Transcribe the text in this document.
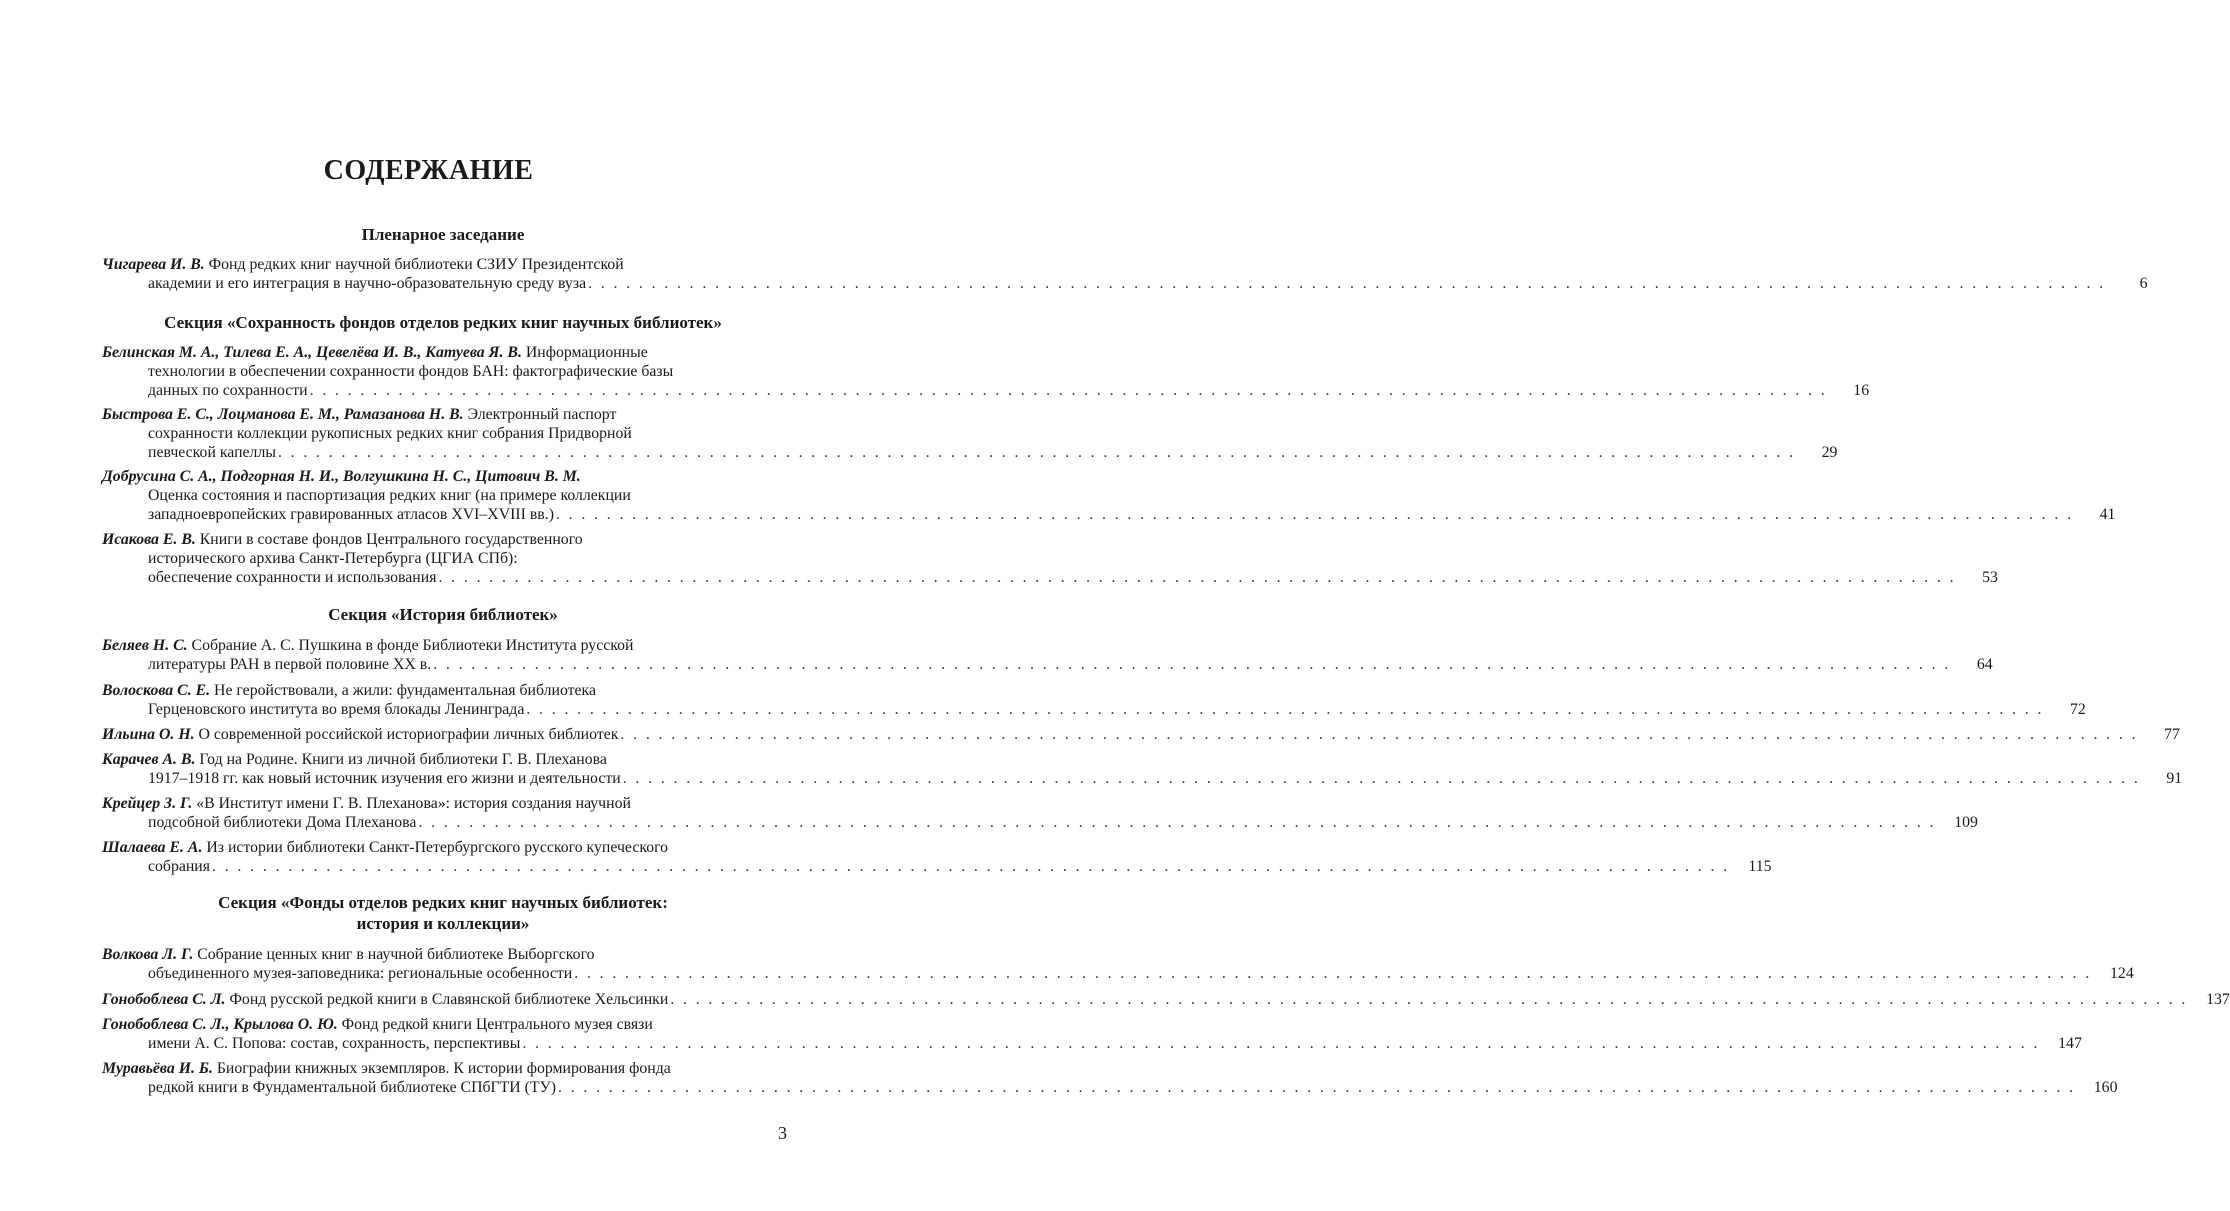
СОДЕРЖАНИЕ
Пленарное заседание
Чигарева И. В.
Фонд редких книг научной библиотеки СЗИУ Президентской
академии и его интеграция в научно-образовательную среду вуза . . . . . . . . . . . . . . . . . . . . . . . . . . . . . . . . . . . . . . . . . . . . . . . . . . . . . . . . . . . . . . . . . . . . . . . . . . . . . . . . . . . . . . . . . . . . . . . . . . . . . . . . . . . . . . . . . . . . . . . .	6
Секция «Сохранность фондов отделов редких книг научных библиотек»
Белинская М. А., Тилева Е. А., Цевелёва И. В., Катуева Я. В.
Информационные
технологии в обеспечении сохранности фондов БАН: фактографические базы
данных по сохранности . . . . . . . . . . . . . . . . . . . . . . . . . . . . . . . . . . . . . . . . . . . . . . . . . . . . . . . . . . . . . . . . . . . . . . . . . . . . . . . . . . . . . . . . . . . . . . . . . . . . . . . . . . . . . . . . . . . . . . . .	16
Быстрова Е. С., Лоцманова Е. М., Рамазанова Н. В.
Электронный паспорт
сохранности коллекции рукописных редких книг собрания Придворной
певческой капеллы . . . . . . . . . . . . . . . . . . . . . . . . . . . . . . . . . . . . . . . . . . . . . . . . . . . . . . . . . . . . . . . . . . . . . . . . . . . . . . . . . . . . . . . . . . . . . . . . . . . . . . . . . . . . . . . . . . . . . . . .	29
Добрусина С. А., Подгорная Н. И., Волгушкина Н. С., Цитович В. М.
Оценка состояния и паспортизация редких книг (на примере коллекции
западноевропейских гравированных атласов XVI–XVIII вв.) . . . . . . . . . . . . . . . . . . . . . . . . . . . . . . . . . . . . . . . . . . . . . . . . . . . . . . . . . . . . . . . . . . . . . . . . . . . . . . . . . . . . . . . . . . . . . . . . . . . . . . . . . . . . . . . . . . . . . . . .	41
Исакова Е. В.
Книги в составе фондов Центрального государственного
исторического архива Санкт-Петербурга (ЦГИА СПб):
обеспечение сохранности и использования . . . . . . . . . . . . . . . . . . . . . . . . . . . . . . . . . . . . . . . . . . . . . . . . . . . . . . . . . . . . . . . . . . . . . . . . . . . . . . . . . . . . . . . . . . . . . . . . . . . . . . . . . . . . . . . . . . . . . . . .	53
Секция «История библиотек»
Беляев Н. С.
Собрание А. С. Пушкина в фонде Библиотеки Института русской
литературы РАН в первой половине XX в. . . . . . . . . . . . . . . . . . . . . . . . . . . . . . . . . . . . . . . . . . . . . . . . . . . . . . . . . . . . . . . . . . . . . . . . . . . . . . . . . . . . . . . . . . . . . . . . . . . . . . . . . . . . . . . . . . . . . . . . .	64
Волоскова С. Е.
Не геройствовали, а жили: фундаментальная библиотека
Герценовского института во время блокады Ленинграда . . . . . . . . . . . . . . . . . . . . . . . . . . . . . . . . . . . . . . . . . . . . . . . . . . . . . . . . . . . . . . . . . . . . . . . . . . . . . . . . . . . . . . . . . . . . . . . . . . . . . . . . . . . . . . . . . . . . . . . .	72
Ильина О. Н.
О современной российской историографии личных библиотек . . . . . . . . . . . . . . . . . . . . . . . . . . . . . . . . . . . . . . . . . . . . . . . . . . . . . . . . . . . . . . . . . . . . . . . . . . . . . . . . . . . . . . . . . . . . . . . . . . . . . . . . . . . . . . . . . . . . . . . .	77
Карачев А. В.
Год на Родине. Книги из личной библиотеки Г. В. Плеханова
1917–1918 гг. как новый источник изучения его жизни и деятельности . . . . . . . . . . . . . . . . . . . . . . . . . . . . . . . . . . . . . . . . . . . . . . . . . . . . . . . . . . . . . . . . . . . . . . . . . . . . . . . . . . . . . . . . . . . . . . . . . . . . . . . . . . . . . . . . . . . . . . . .	91
Крейцер З. Г.
«В Институт имени Г. В. Плеханова»: история создания научной
подсобной библиотеки Дома Плеханова . . . . . . . . . . . . . . . . . . . . . . . . . . . . . . . . . . . . . . . . . . . . . . . . . . . . . . . . . . . . . . . . . . . . . . . . . . . . . . . . . . . . . . . . . . . . . . . . . . . . . . . . . . . . . . . . . . . . . . . .	109
Шалаева Е. А.
Из истории библиотеки Санкт-Петербургского русского купеческого
собрания . . . . . . . . . . . . . . . . . . . . . . . . . . . . . . . . . . . . . . . . . . . . . . . . . . . . . . . . . . . . . . . . . . . . . . . . . . . . . . . . . . . . . . . . . . . . . . . . . . . . . . . . . . . . . . . . . . . . . . . .	115
Секция «Фонды отделов редких книг научных библиотек:
история и коллекции»
Волкова Л. Г.
Собрание ценных книг в научной библиотеке Выборгского
объединенного музея-заповедника: региональные особенности . . . . . . . . . . . . . . . . . . . . . . . . . . . . . . . . . . . . . . . . . . . . . . . . . . . . . . . . . . . . . . . . . . . . . . . . . . . . . . . . . . . . . . . . . . . . . . . . . . . . . . . . . . . . . . . . . . . . . . . .	124
Гонобоблева С. Л.
Фонд русской редкой книги в Славянской библиотеке Хельсинки . . . . . . . . . . . . . . . . . . . . . . . . . . . . . . . . . . . . . . . . . . . . . . . . . . . . . . . . . . . . . . . . . . . . . . . . . . . . . . . . . . . . . . . . . . . . . . . . . . . . . . . . . . . . . . . . . . . . . . . .	137
Гонобоблева С. Л., Крылова О. Ю.
Фонд редкой книги Центрального музея связи
имени А. С. Попова: состав, сохранность, перспективы . . . . . . . . . . . . . . . . . . . . . . . . . . . . . . . . . . . . . . . . . . . . . . . . . . . . . . . . . . . . . . . . . . . . . . . . . . . . . . . . . . . . . . . . . . . . . . . . . . . . . . . . . . . . . . . . . . . . . . . .	147
Муравьёва И. Б.
Биографии книжных экземпляров. К истории формирования фонда
редкой книги в Фундаментальной библиотеке СПбГТИ (ТУ) . . . . . . . . . . . . . . . . . . . . . . . . . . . . . . . . . . . . . . . . . . . . . . . . . . . . . . . . . . . . . . . . . . . . . . . . . . . . . . . . . . . . . . . . . . . . . . . . . . . . . . . . . . . . . . . . . . . . . . . .	160
3
